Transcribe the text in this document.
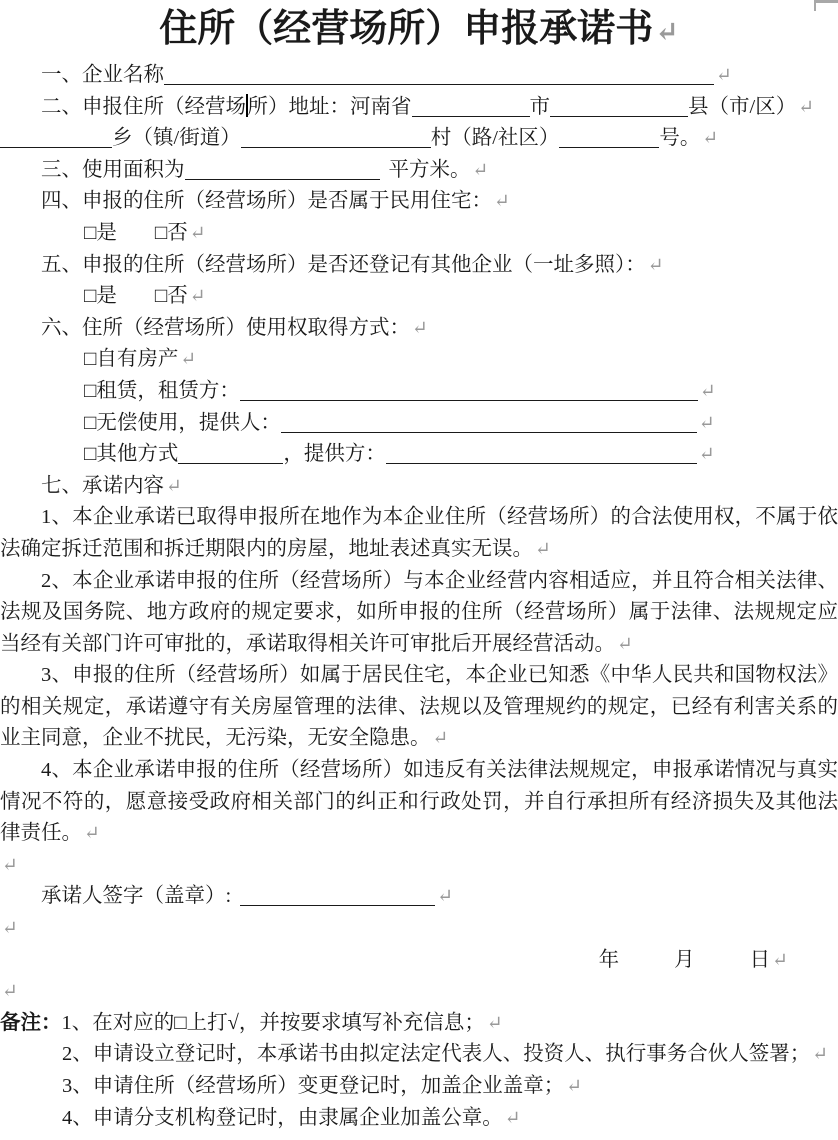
住所（经营场所）申报承诺书↵

一、企业名称	↵

二、申报住所（经营场所）地址：河南省	市	县（市/区） ↵

乡（镇/街道）	村（路/社区）	号。 ↵

三、使用面积为	平方米。 ↵

四、申报的住所（经营场所）是否属于民用住宅： ↵

□是 □否 ↵

五、申报的住所（经营场所）是否还登记有其他企业（一址多照）： ↵

□是 □否 ↵

六、住所（经营场所）使用权取得方式： ↵

□自有房产 ↵

□租赁，租赁方：	↵

□无偿使用，提供人：	↵

□其他方式	，提供方：	↵

七、承诺内容 ↵

1、本企业承诺已取得申报所在地作为本企业住所（经营场所）的合法使用权，不属于依法确定拆迁范围和拆迁期限内的房屋，地址表述真实无误。 ↵

2、本企业承诺申报的住所（经营场所）与本企业经营内容相适应，并且符合相关法律、法规及国务院、地方政府的规定要求，如所申报的住所（经营场所）属于法律、法规规定应当经有关部门许可审批的，承诺取得相关许可审批后开展经营活动。 ↵

3、申报的住所（经营场所）如属于居民住宅，本企业已知悉《中华人民共和国物权法》的相关规定，承诺遵守有关房屋管理的法律、法规以及管理规约的规定，已经有利害关系的业主同意，企业不扰民，无污染，无安全隐患。 ↵

4、本企业承诺申报的住所（经营场所）如违反有关法律法规规定，申报承诺情况与真实情况不符的，愿意接受政府相关部门的纠正和行政处罚，并自行承担所有经济损失及其他法律责任。 ↵

↵

承诺人签字（盖章）:	↵

↵

年	月	日 ↵

↵

备注：1、在对应的□上打√，并按要求填写补充信息； ↵

2、申请设立登记时，本承诺书由拟定法定代表人、投资人、执行事务合伙人签署； ↵

3、申请住所（经营场所）变更登记时，加盖企业盖章； ↵

4、申请分支机构登记时，由隶属企业加盖公章。 ↵
